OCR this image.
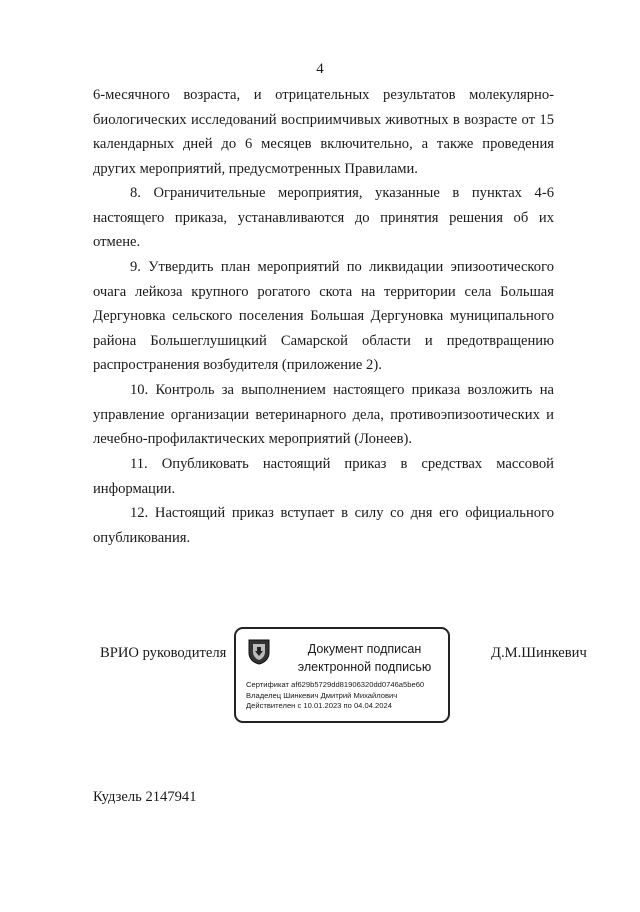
4

6-месячного возраста, и отрицательных результатов молекулярно-биологических исследований восприимчивых животных в возрасте от 15 календарных дней до 6 месяцев включительно, а также проведения других мероприятий, предусмотренных Правилами.

8. Ограничительные мероприятия, указанные в пунктах 4-6 настоящего приказа, устанавливаются до принятия решения об их отмене.

9. Утвердить план мероприятий по ликвидации эпизоотического очага лейкоза крупного рогатого скота на территории села Большая Дергуновка сельского поселения Большая Дергуновка муниципального района Большеглушицкий Самарской области и предотвращению распространения возбудителя (приложение 2).

10. Контроль за выполнением настоящего приказа возложить на управление организации ветеринарного дела, противоэпизоотических и лечебно-профилактических мероприятий (Лонеев).

11. Опубликовать настоящий приказ в средствах массовой информации.

12. Настоящий приказ вступает в силу со дня его официального опубликования.

ВРИО руководителя	Документ подписан
электронной подписью
Сертификат af629b5729dd81906320dd0746a5be60
Владелец Шинкевич Дмитрий Михайлович
Действителен с 10.01.2023 по 04.04.2024
Д.М.Шинкевич
Кудзель 2147941
